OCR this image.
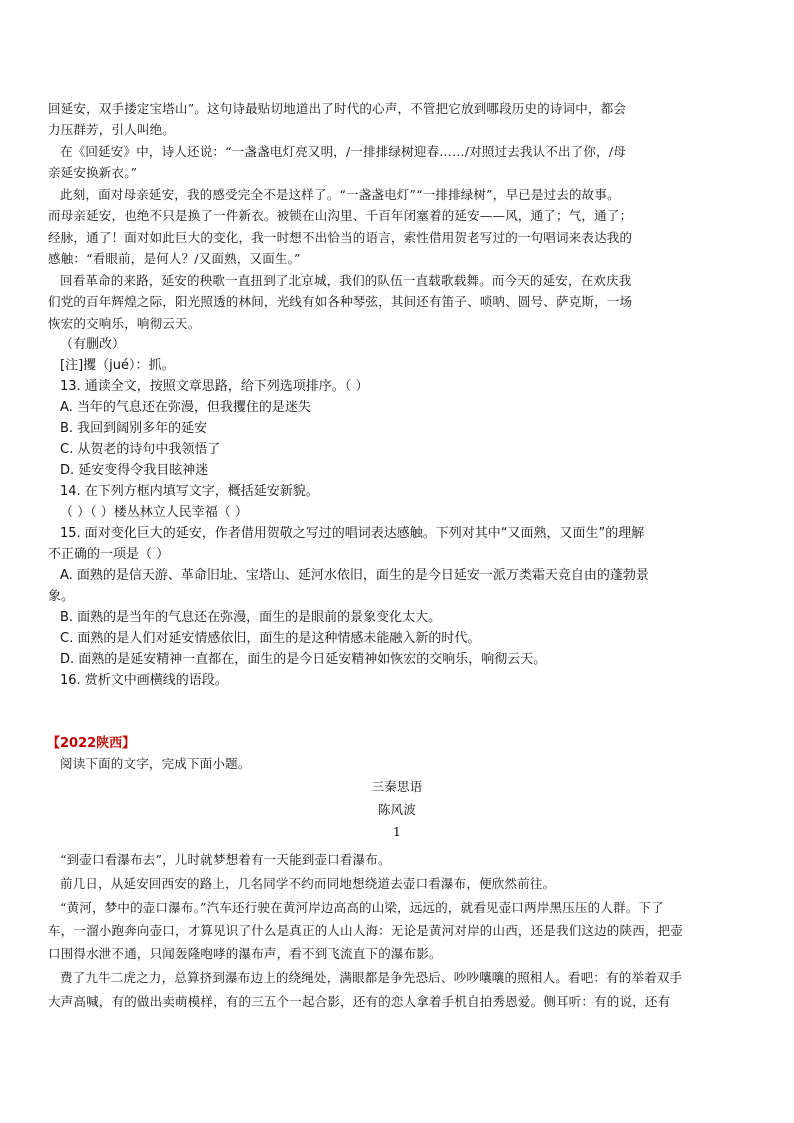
回延安，双手搂定宝塔山”。这句诗最贴切地道出了时代的心声，不管把它放到哪段历史的诗词中，都会
力压群芳，引人叫绝。
在《回延安》中，诗人还说：“一盏盏电灯亮又明，/一排排绿树迎春……/对照过去我认不出了你，/母
亲延安换新衣。”
此刻，面对母亲延安，我的感受完全不是这样了。“一盏盏电灯”“一排排绿树”，早已是过去的故事。
而母亲延安，也绝不只是换了一件新衣。被锁在山沟里、千百年闭塞着的延安——风，通了；气，通了；
经脉，通了！面对如此巨大的变化，我一时想不出恰当的语言，索性借用贺老写过的一句唱词来表达我的
感触：“看眼前，是何人？/又面熟，又面生。”
回看革命的来路，延安的秧歌一直扭到了北京城，我们的队伍一直载歌载舞。而今天的延安，在欢庆我
们党的百年辉煌之际，阳光照透的林间，光线有如各种琴弦，其间还有笛子、唢呐、圆号、萨克斯，一场
恢宏的交响乐，响彻云天。
（有删改）
[注]攫（jué）：抓。
13. 通读全文，按照文章思路，给下列选项排序。（ ）
A. 当年的气息还在弥漫，但我攫住的是迷失
B. 我回到阔别多年的延安
C. 从贺老的诗句中我领悟了
D. 延安变得令我目眩神迷
14. 在下列方框内填写文字，概括延安新貌。
（ ）（ ）楼丛林立人民幸福（ ）
15. 面对变化巨大的延安，作者借用贺敬之写过的唱词表达感触。下列对其中“又面熟，又面生”的理解
不正确的一项是（ ）
A. 面熟的是信天游、革命旧址、宝塔山、延河水依旧，面生的是今日延安一派万类霜天竞自由的蓬勃景
象。
B. 面熟的是当年的气息还在弥漫，面生的是眼前的景象变化太大。
C. 面熟的是人们对延安情感依旧，面生的是这种情感未能融入新的时代。
D. 面熟的是延安精神一直都在，面生的是今日延安精神如恢宏的交响乐，响彻云天。
16. 赏析文中画横线的语段。
【2022陕西】
阅读下面的文字，完成下面小题。
三秦思语
陈风波
1
“到壶口看瀑布去”，儿时就梦想着有一天能到壶口看瀑布。
前几日，从延安回西安的路上，几名同学不约而同地想绕道去壶口看瀑布，便欣然前往。
“黄河，梦中的壶口瀑布。”汽车还行驶在黄河岸边高高的山梁，远远的，就看见壶口两岸黑压压的人群。下了
车，一溜小跑奔向壶口，才算见识了什么是真正的人山人海：无论是黄河对岸的山西，还是我们这边的陕西，把壶
口围得水泄不通，只闻轰隆咆哮的瀑布声，看不到飞流直下的瀑布影。
费了九牛二虎之力，总算挤到瀑布边上的绕绳处，满眼都是争先恐后、吵吵嚷嚷的照相人。看吧：有的举着双手
大声高喊，有的做出卖萌模样，有的三五个一起合影，还有的恋人拿着手机自拍秀恩爱。侧耳听：有的说，还有
